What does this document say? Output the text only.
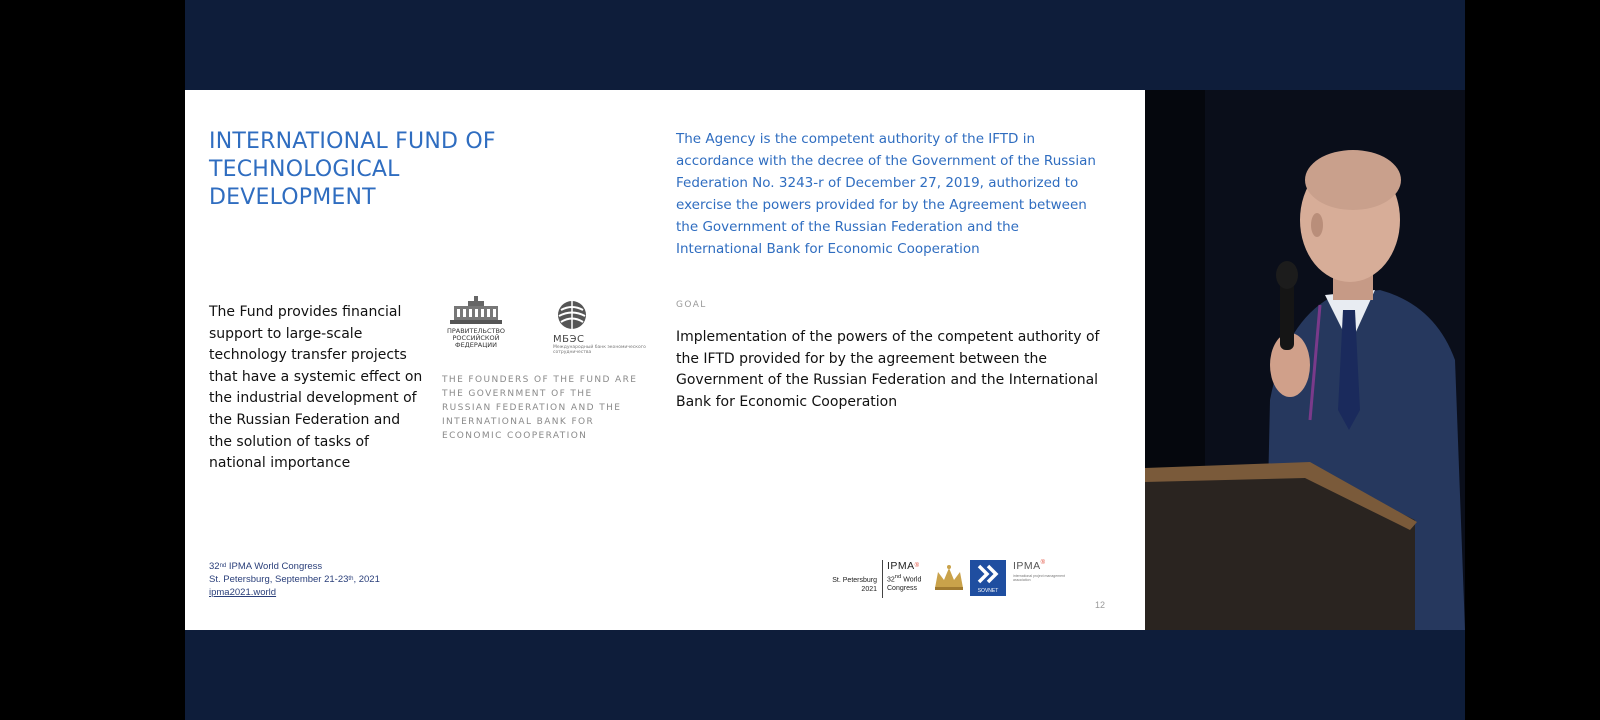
INTERNATIONAL FUND OF TECHNOLOGICAL DEVELOPMENT
The Agency is the competent authority of the IFTD in accordance with the decree of the Government of the Russian Federation No. 3243-r of December 27, 2019, authorized to exercise the powers provided for by the Agreement between the Government of the Russian Federation and the International Bank for Economic Cooperation
The Fund provides financial support to large-scale technology transfer projects that have a systemic effect on the industrial development of the Russian Federation and the solution of tasks of national importance
ПРАВИТЕЛЬСТВО РОССИЙСКОЙ ФЕДЕРАЦИИ	МБЭС
Международный банк экономического сотрудничества
THE FOUNDERS OF THE FUND ARE THE GOVERNMENT OF THE RUSSIAN FEDERATION AND THE INTERNATIONAL BANK FOR ECONOMIC COOPERATION
GOAL
Implementation of the powers of the competent authority of the IFTD provided for by the agreement between the Government of the Russian Federation and the International Bank for Economic Cooperation
32nd IPMA World Congress
St. Petersburg, September 21-23th, 2021
ipma2021.world
St. Petersburg
2021
IPMA®
32nd World
Congress	SOVNET
IPMA®
international project management association
12
